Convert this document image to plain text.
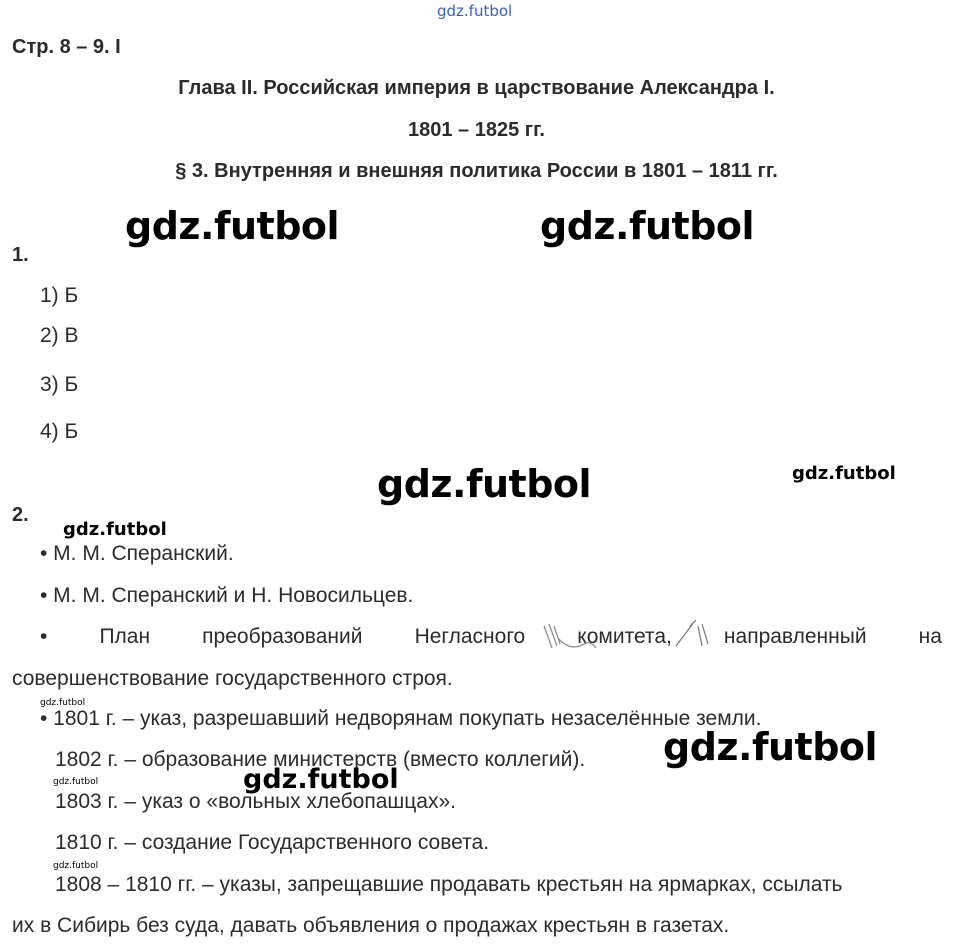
gdz.futbol
Стр. 8 – 9. I
Глава II. Российская империя в царствование Александра I.
1801 – 1825 гг.
§ 3. Внутренняя и внешняя политика России в 1801 – 1811 гг.
gdz.futbol	gdz.futbol
1.
1) Б
2) В
3) Б
4) Б
gdz.futbol	gdz.futbol
2.
gdz.futbol
• М. М. Сперанский.
• М. М. Сперанский и Н. Новосильцев.
• План преобразований Негласного комитета, направленный на
совершенствование государственного строя.
gdz.futbol
• 1801 г. – указ, разрешавший недворянам покупать незаселённые земли.
1802 г. – образование министерств (вместо коллегий). gdz.futbol
gdz.futbol	gdz.futbol
1803 г. – указ о «вольных хлебопашцах».
1810 г. – создание Государственного совета.
gdz.futbol
1808 – 1810 гг. – указы, запрещавшие продавать крестьян на ярмарках, ссылать
их в Сибирь без суда, давать объявления о продажах крестьян в газетах.
